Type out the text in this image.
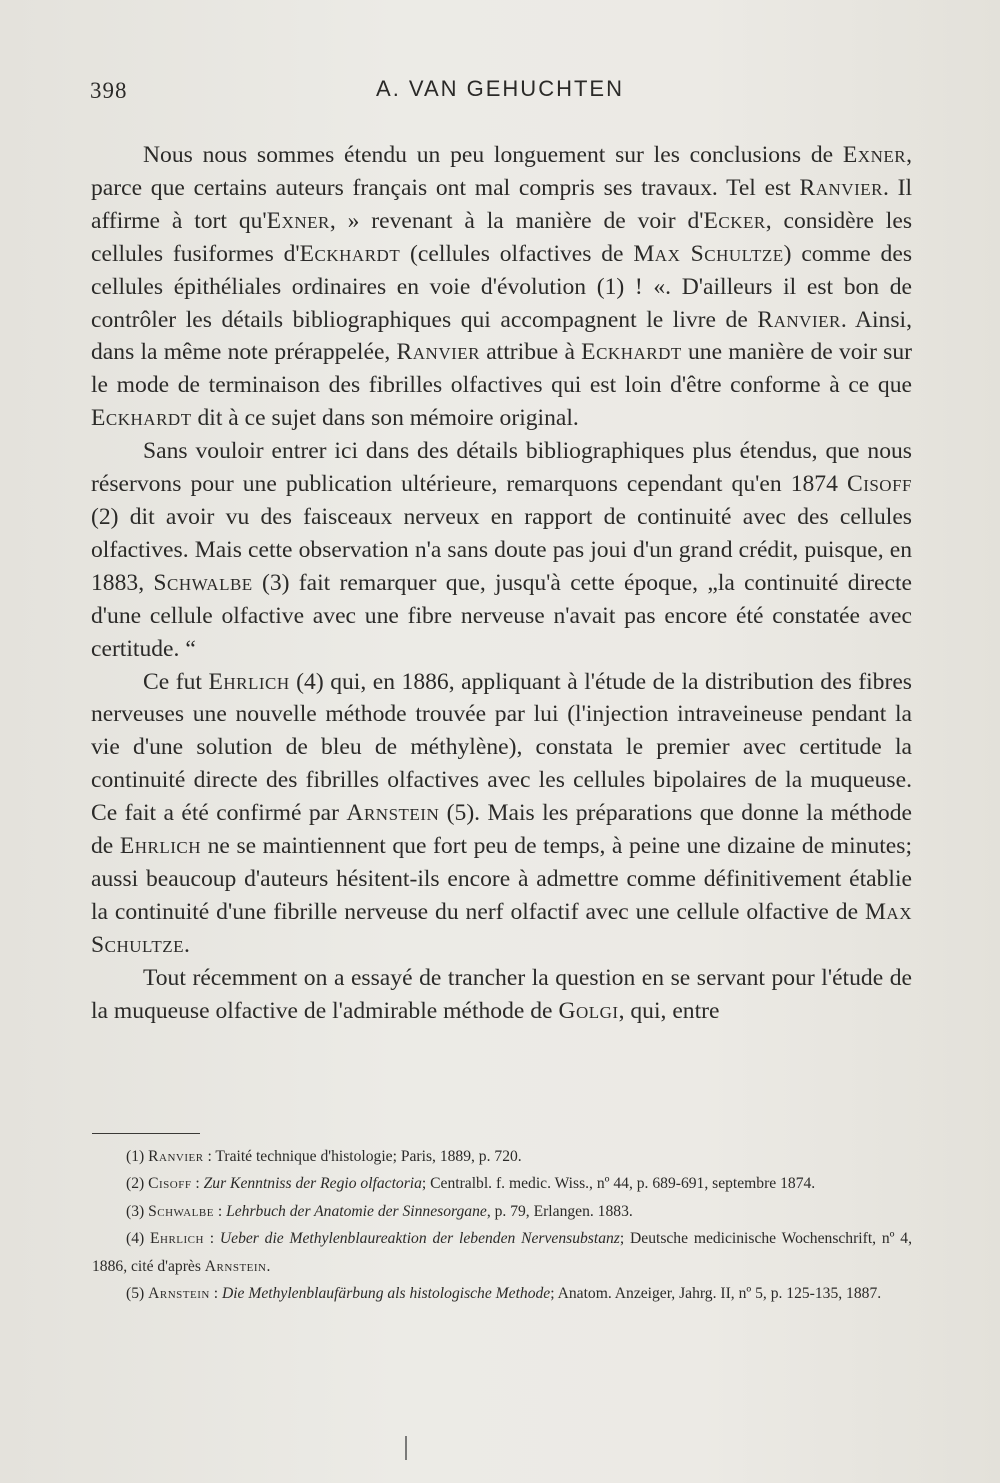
398	A. VAN GEHUCHTEN

Nous nous sommes étendu un peu longuement sur les conclusions de Exner, parce que certains auteurs français ont mal compris ses travaux. Tel est Ranvier. Il affirme à tort qu'Exner, » revenant à la manière de voir d'Ecker, considère les cellules fusiformes d'Eckhardt (cellules olfactives de Max Schultze) comme des cellules épithéliales ordinaires en voie d'évolution (1) ! «. D'ailleurs il est bon de contrôler les détails bibliographiques qui accompagnent le livre de Ranvier. Ainsi, dans la même note prérappelée, Ranvier attribue à Eckhardt une manière de voir sur le mode de terminaison des fibrilles olfactives qui est loin d'être conforme à ce que Eckhardt dit à ce sujet dans son mémoire original.

Sans vouloir entrer ici dans des détails bibliographiques plus étendus, que nous réservons pour une publication ultérieure, remarquons cependant qu'en 1874 Cisoff (2) dit avoir vu des faisceaux nerveux en rapport de continuité avec des cellules olfactives. Mais cette observation n'a sans doute pas joui d'un grand crédit, puisque, en 1883, Schwalbe (3) fait remarquer que, jusqu'à cette époque, „la continuité directe d'une cellule olfactive avec une fibre nerveuse n'avait pas encore été constatée avec certitude. “

Ce fut Ehrlich (4) qui, en 1886, appliquant à l'étude de la distribution des fibres nerveuses une nouvelle méthode trouvée par lui (l'injection intraveineuse pendant la vie d'une solution de bleu de méthylène), constata le premier avec certitude la continuité directe des fibrilles olfactives avec les cellules bipolaires de la muqueuse. Ce fait a été confirmé par Arnstein (5). Mais les préparations que donne la méthode de Ehrlich ne se maintiennent que fort peu de temps, à peine une dizaine de minutes; aussi beaucoup d'auteurs hésitent-ils encore à admettre comme définitivement établie la continuité d'une fibrille nerveuse du nerf olfactif avec une cellule olfactive de Max Schultze.

Tout récemment on a essayé de trancher la question en se servant pour l'étude de la muqueuse olfactive de l'admirable méthode de Golgi, qui, entre

(1) Ranvier : Traité technique d'histologie; Paris, 1889, p. 720.

(2) Cisoff : Zur Kenntniss der Regio olfactoria; Centralbl. f. medic. Wiss., nº 44, p. 689-691, septembre 1874.

(3) Schwalbe : Lehrbuch der Anatomie der Sinnesorgane, p. 79, Erlangen. 1883.

(4) Ehrlich : Ueber die Methylenblaureaktion der lebenden Nervensubstanz; Deutsche medicinische Wochenschrift, nº 4, 1886, cité d'après Arnstein.

(5) Arnstein : Die Methylenblaufärbung als histologische Methode; Anatom. Anzeiger, Jahrg. II, nº 5, p. 125-135, 1887.
